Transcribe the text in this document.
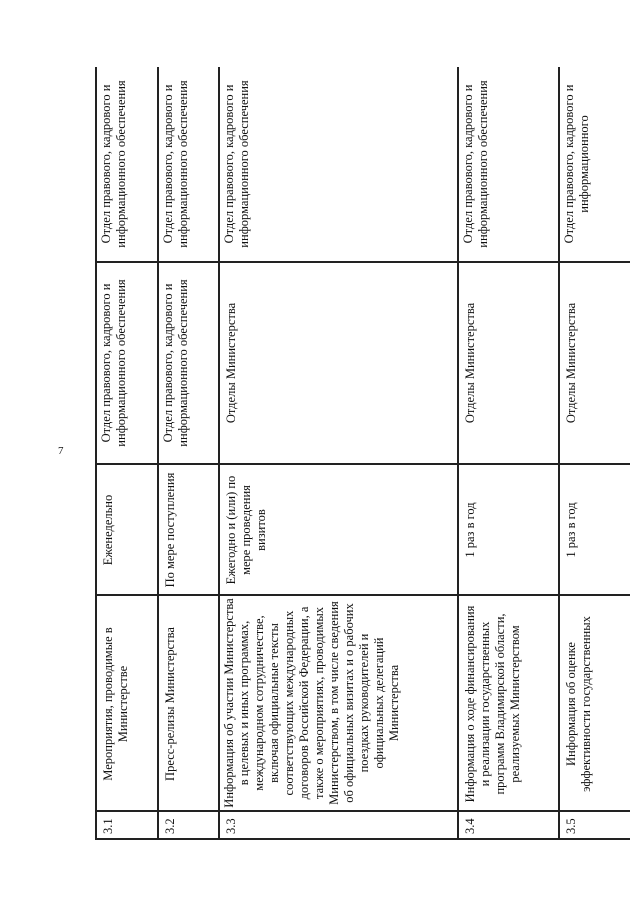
7
3.1
Мероприятия, проводимые в Министерстве
Еженедельно
Отдел правового, кадрового и информационного обеспечения
Отдел правового, кадрового и информационного обеспечения
3.2
Пресс-релизы Министерства
По мере поступления
Отдел правового, кадрового и информационного обеспечения
Отдел правового, кадрового и информационного обеспечения
3.3
Информация об участии Министерства в целевых и иных программах, международном сотрудничестве, включая официальные тексты соответствующих международных договоров Российской Федерации, а также о мероприятиях, проводимых Министерством, в том числе сведения об официальных визитах и о рабочих поездках руководителей и официальных делегаций Министерства
Ежегодно и (или) по мере проведения визитов
Отделы Министерства
Отдел правового, кадрового и информационного обеспечения
3.4
Информация о ходе финансирования и реализации государственных программ Владимирской области, реализуемых Министерством
1 раз в год
Отделы Министерства
Отдел правового, кадрового и информационного обеспечения
3.5
Информация об оценке эффективности государственных
1 раз в год
Отделы Министерства
Отдел правового, кадрового и информационного
